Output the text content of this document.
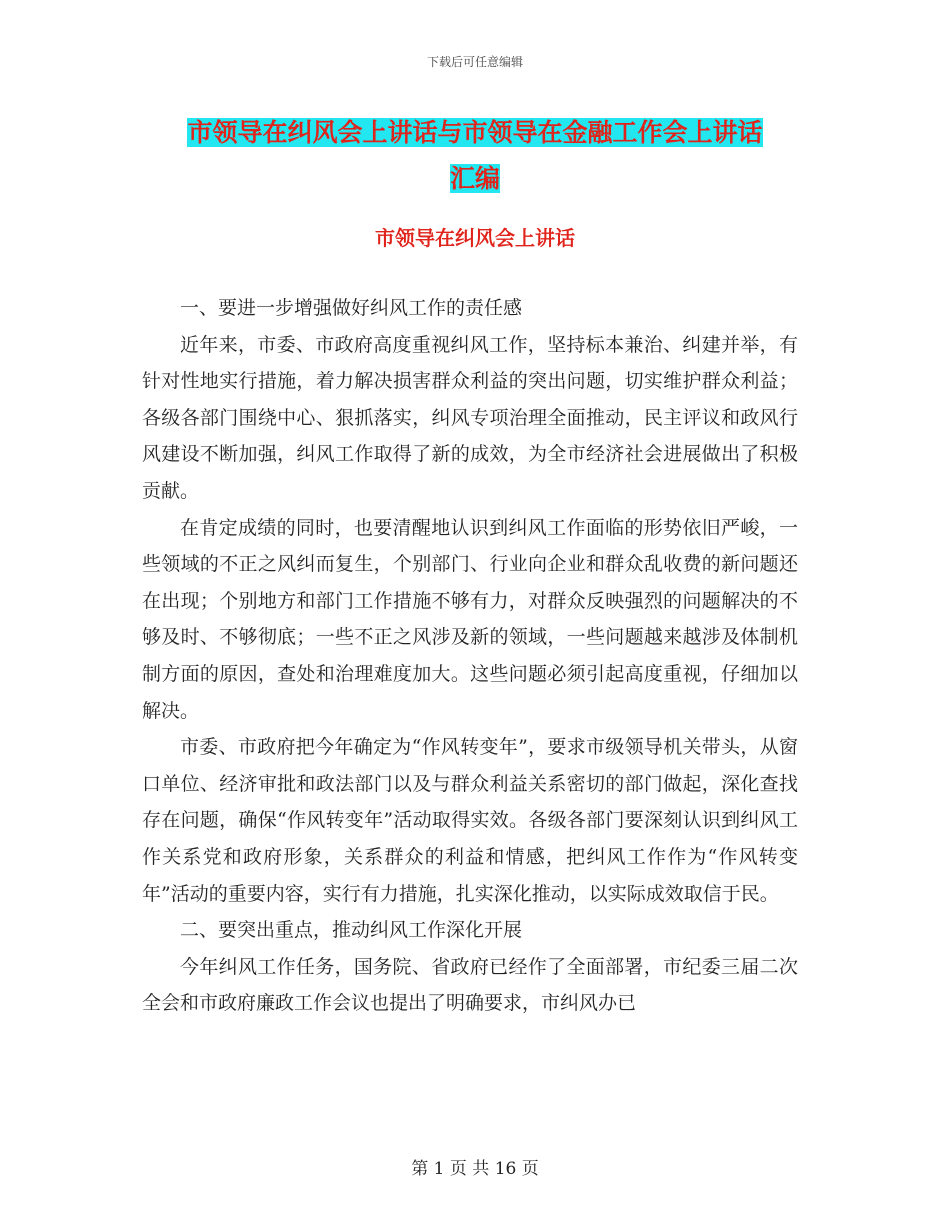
下载后可任意编辑
市领导在纠风会上讲话与市领导在金融工作会上讲话
汇编
市领导在纠风会上讲话

一、要进一步增强做好纠风工作的责任感

近年来，市委、市政府高度重视纠风工作，坚持标本兼治、纠建并举，有针对性地实行措施，着力解决损害群众利益的突出问题，切实维护群众利益；各级各部门围绕中心、狠抓落实，纠风专项治理全面推动，民主评议和政风行风建设不断加强，纠风工作取得了新的成效，为全市经济社会进展做出了积极贡献。

在肯定成绩的同时，也要清醒地认识到纠风工作面临的形势依旧严峻，一些领域的不正之风纠而复生，个别部门、行业向企业和群众乱收费的新问题还在出现；个别地方和部门工作措施不够有力，对群众反映强烈的问题解决的不够及时、不够彻底；一些不正之风涉及新的领域，一些问题越来越涉及体制机制方面的原因，查处和治理难度加大。这些问题必须引起高度重视，仔细加以解决。

市委、市政府把今年确定为“作风转变年”，要求市级领导机关带头，从窗口单位、经济审批和政法部门以及与群众利益关系密切的部门做起，深化查找存在问题，确保“作风转变年”活动取得实效。各级各部门要深刻认识到纠风工作关系党和政府形象，关系群众的利益和情感，把纠风工作作为“作风转变年”活动的重要内容，实行有力措施，扎实深化推动，以实际成效取信于民。

二、要突出重点，推动纠风工作深化开展

今年纠风工作任务，国务院、省政府已经作了全面部署，市纪委三届二次全会和市政府廉政工作会议也提出了明确要求，市纠风办已

第 1 页 共 16 页
